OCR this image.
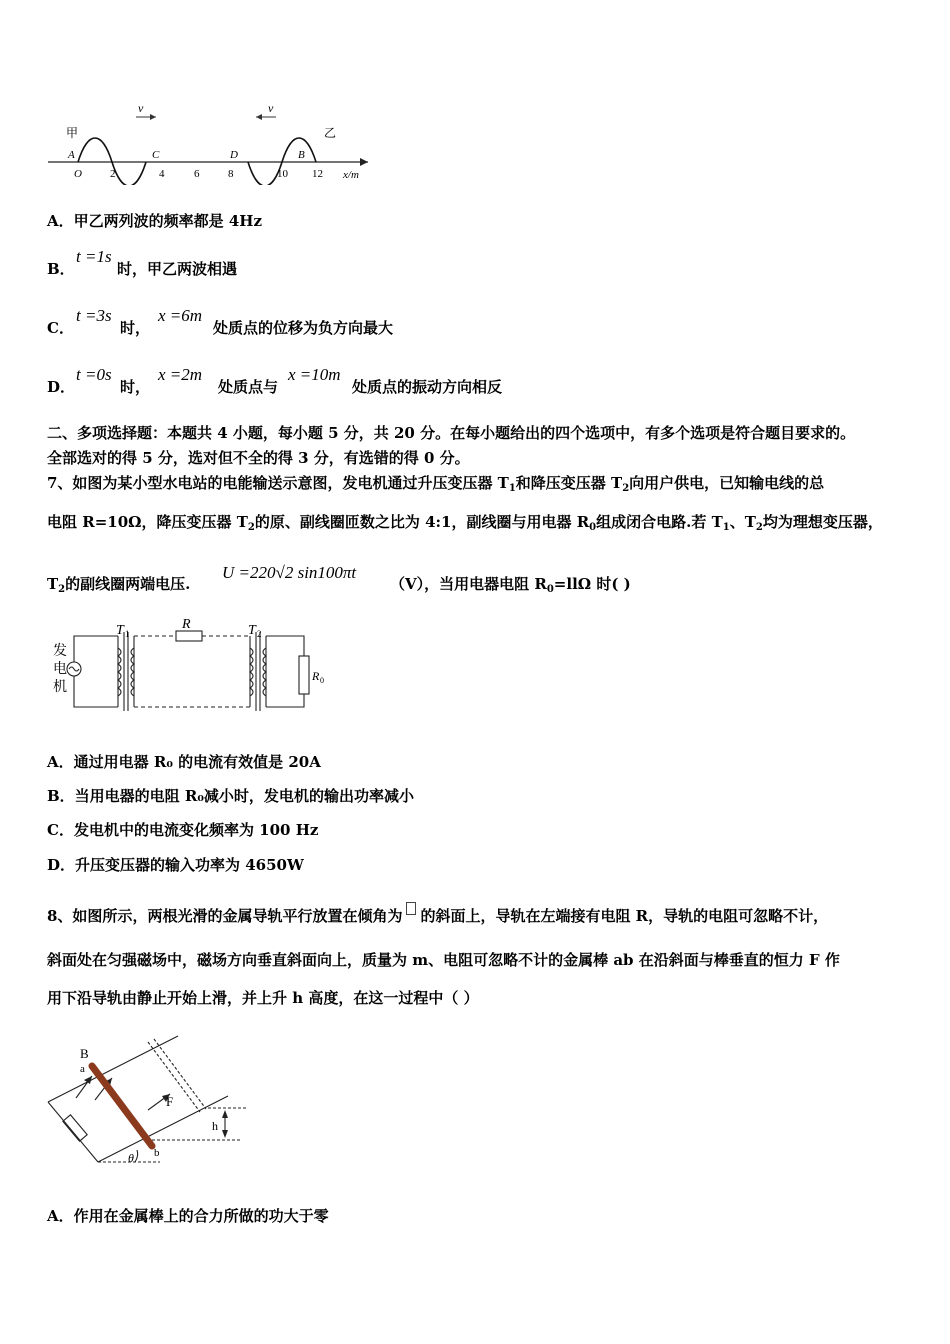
v	v
甲	乙
A	C	D	B
O	2	4	6	8	10 12 x/m
A．甲乙两列波的频率都是 4Hz
B．
t =1s
时，甲乙两波相遇
C．
t =3s
时，
x =6m
处质点的位移为负方向最大
D．
t =0s
时，
x =2m
处质点与
x =10m
处质点的振动方向相反
二、多项选择题：本题共 4 小题，每小题 5 分，共 20 分。在每小题给出的四个选项中，有多个选项是符合题目要求的。
全部选对的得 5 分，选对但不全的得 3 分，有选错的得 0 分。
7、如图为某小型水电站的电能输送示意图，发电机通过升压变压器 $T_1$和降压变压器 $T_2$向用户供电，已知输电线的总
电阻 R=10Ω，降压变压器 $T_2$的原、副线圈匝数之比为 4:1，副线圈与用电器 $R_0$组成闭合电路.若 $T_1$、$T_2$均为理想变压器，
$T_2$的副线圈两端电压.
U =220√2 sin100πt
（V），当用电器电阻 $R_0=ll\Omega$ 时( )
发
电
机
T 1
R	T 2
R 0
A．通过用电器 R₀ 的电流有效值是 20A
B．当用电器的电阻 R₀减小时，发电机的输出功率减小
C．发电机中的电流变化频率为 100 Hz
D．升压变压器的输入功率为 4650W
8、如图所示，两根光滑的金属导轨平行放置在倾角为 的斜面上，导轨在左端接有电阻 R，导轨的电阻可忽略不计，
斜面处在匀强磁场中，磁场方向垂直斜面向上，质量为 m、电阻可忽略不计的金属棒 ab 在沿斜面与棒垂直的恒力 F 作
用下沿导轨由静止开始上滑，并上升 h 高度，在这一过程中（ ）
B
a
F
h
b
θ
A．作用在金属棒上的合力所做的功大于零
